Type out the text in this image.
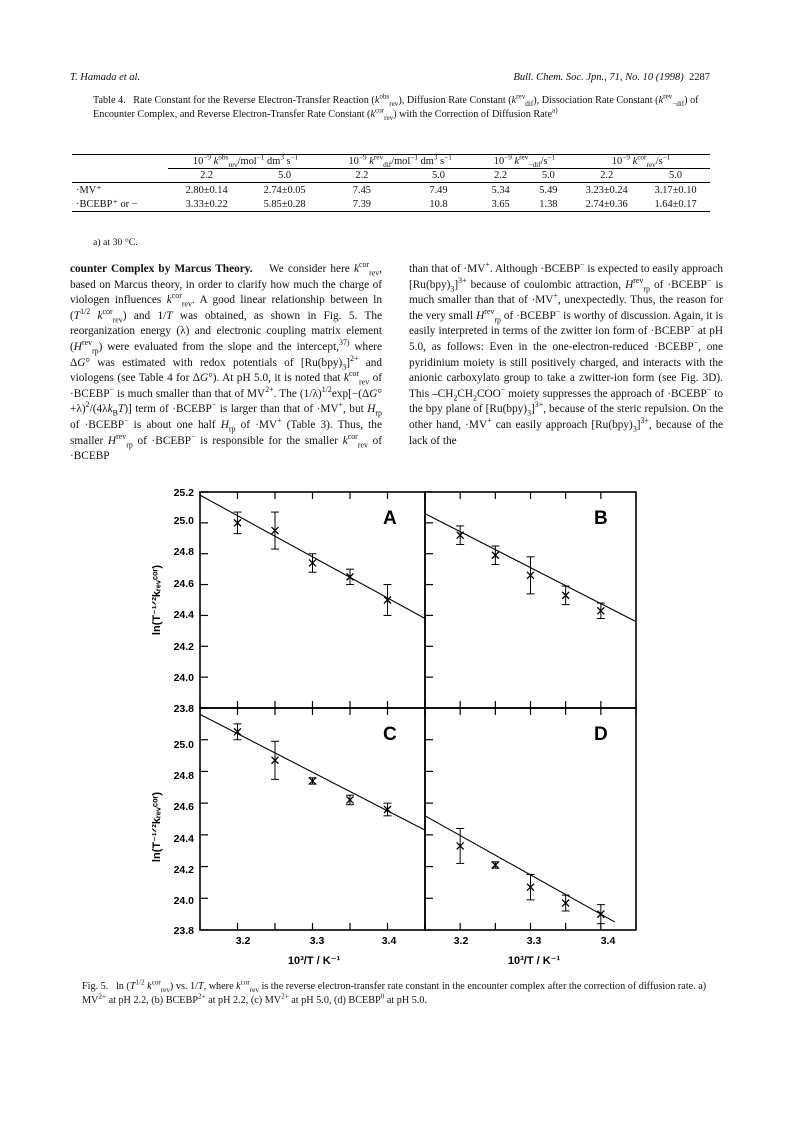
T. Hamada et al.	Bull. Chem. Soc. Jpn., 71, No. 10 (1998) 2287
Table 4.   Rate Constant for the Reverse Electron-Transfer Reaction $(k^{obs}_{rev})$, Diffusion Rate Constant $(k^{rev}_{dif})$, Dissociation Rate Constant $(k^{rev}_{-dif})$ of Encounter Complex, and Reverse Electron-Transfer Rate Constant $(k^{cor}_{rev})$ with the Correction of Diffusion Rate$^{a)}$
	$10^{-9}$ $k^{obs}_{rev}/mol^{-1}$ $dm^3$ $s^{-1}$		$10^{-9}$ $k^{rev}_{dif}/mol^{-1}$ $dm^3$ $s^{-1}$		$10^{-9}$ $k^{rev}_{-dif}/s^{-1}$		$10^{-9}$ $k^{cor}_{rev}/s^{-1}$
	2.2	5.0	2.2	5.0	2.2	5.0	2.2	5.0
·MV⁺	2.80±0.14	2.74±0.05	7.45	7.49	5.34	5.49	3.23±0.24	3.17±0.10
·BCEBP⁺ or −	3.33±0.22	5.85±0.28	7.39	10.8	3.65	1.38	2.74±0.36	1.64±0.17
a) at 30 °C.

counter Complex by Marcus Theory.    We consider here $k^{cor}_{rev}$, based on Marcus theory, in order to clarify how much the charge of viologen influences $k^{cor}_{rev}$. A good linear relationship between $\ln (T^{1/2}$ $k^{cor}_{rev}$) and 1/T was obtained, as shown in Fig. 5. The reorganization energy (λ) and electronic coupling matrix element $(H^{rev}_{rp})$ were evaluated from the slope and the intercept,$^{37)}$ where ΔG° was estimated with redox potentials of $[Ru(bpy)_3]^{2+}$ and viologens (see Table 4 for ΔG°). At pH 5.0, it is noted that $k^{cor}_{rev}$ of ·BCEBP− is much smaller than that of $MV^{2+}$. The $(1/\lambda)^{1/2}\exp[-(\Delta G^\circ+\lambda)^2/(4\lambda k_BT)]$ term of ·BCEBP− is larger than that of ·MV+, but $H_{rp}$ of ·BCEBP− is about one half $H_{rp}$ of ·MV+ (Table 3). Thus, the smaller $H^{rev}_{rp}$ of ·BCEBP− is responsible for the smaller $k^{cor}_{rev}$ of ·BCEBP

than that of ·MV+. Although ·BCEBP− is expected to easily approach $[Ru(bpy)_3]^{3+}$ because of coulombic attraction, $H^{rev}_{rp}$ of ·BCEBP− is much smaller than that of ·MV+, unexpectedly. Thus, the reason for the very small $H^{rev}_{rp}$ of ·BCEBP− is worthy of discussion. Again, it is easily interpreted in terms of the zwitter ion form of ·BCEBP− at pH 5.0, as follows: Even in the one-electron-reduced ·BCEBP−, one pyridinium moiety is still positively charged, and interacts with the anionic carboxylato group to take a zwitter-ion form (see Fig. 3D). This $-CH_2CH_2COO^-$ moiety suppresses the approach of ·BCEBP− to the bpy plane of $[Ru(bpy)_3]^{3+}$, because of the steric repulsion. On the other hand, ·MV+ can easily approach $[Ru(bpy)_3]^{3+}$, because of the lack of the

A	B
C	D
25.2
25.0
24.8
24.6
24.4
24.2
24.0
23.8
25.0
24.8
24.6
24.4
24.2
24.0
23.8
3.2	3.3	3.4	3.2	3.3	3.4
ln(T⁻¹ᐟ²kᵣₑᵥᶜᵒʳ)
ln(T⁻¹ᐟ²kᵣₑᵥᶜᵒʳ)
10³/T / K⁻¹	10³/T / K⁻¹
Fig. 5.   $\ln (T^{1/2}$ $k^{cor}_{rev}$) vs. 1/T, where $k^{cor}_{rev}$ is the reverse electron-transfer rate constant in the encounter complex after the correction of diffusion rate. a) $MV^{2+}$ at pH 2.2, (b) $BCEBP^{2+}$ at pH 2.2, (c) $MV^{2+}$ at pH 5.0, (d) BCEBP$^0$ at pH 5.0.
